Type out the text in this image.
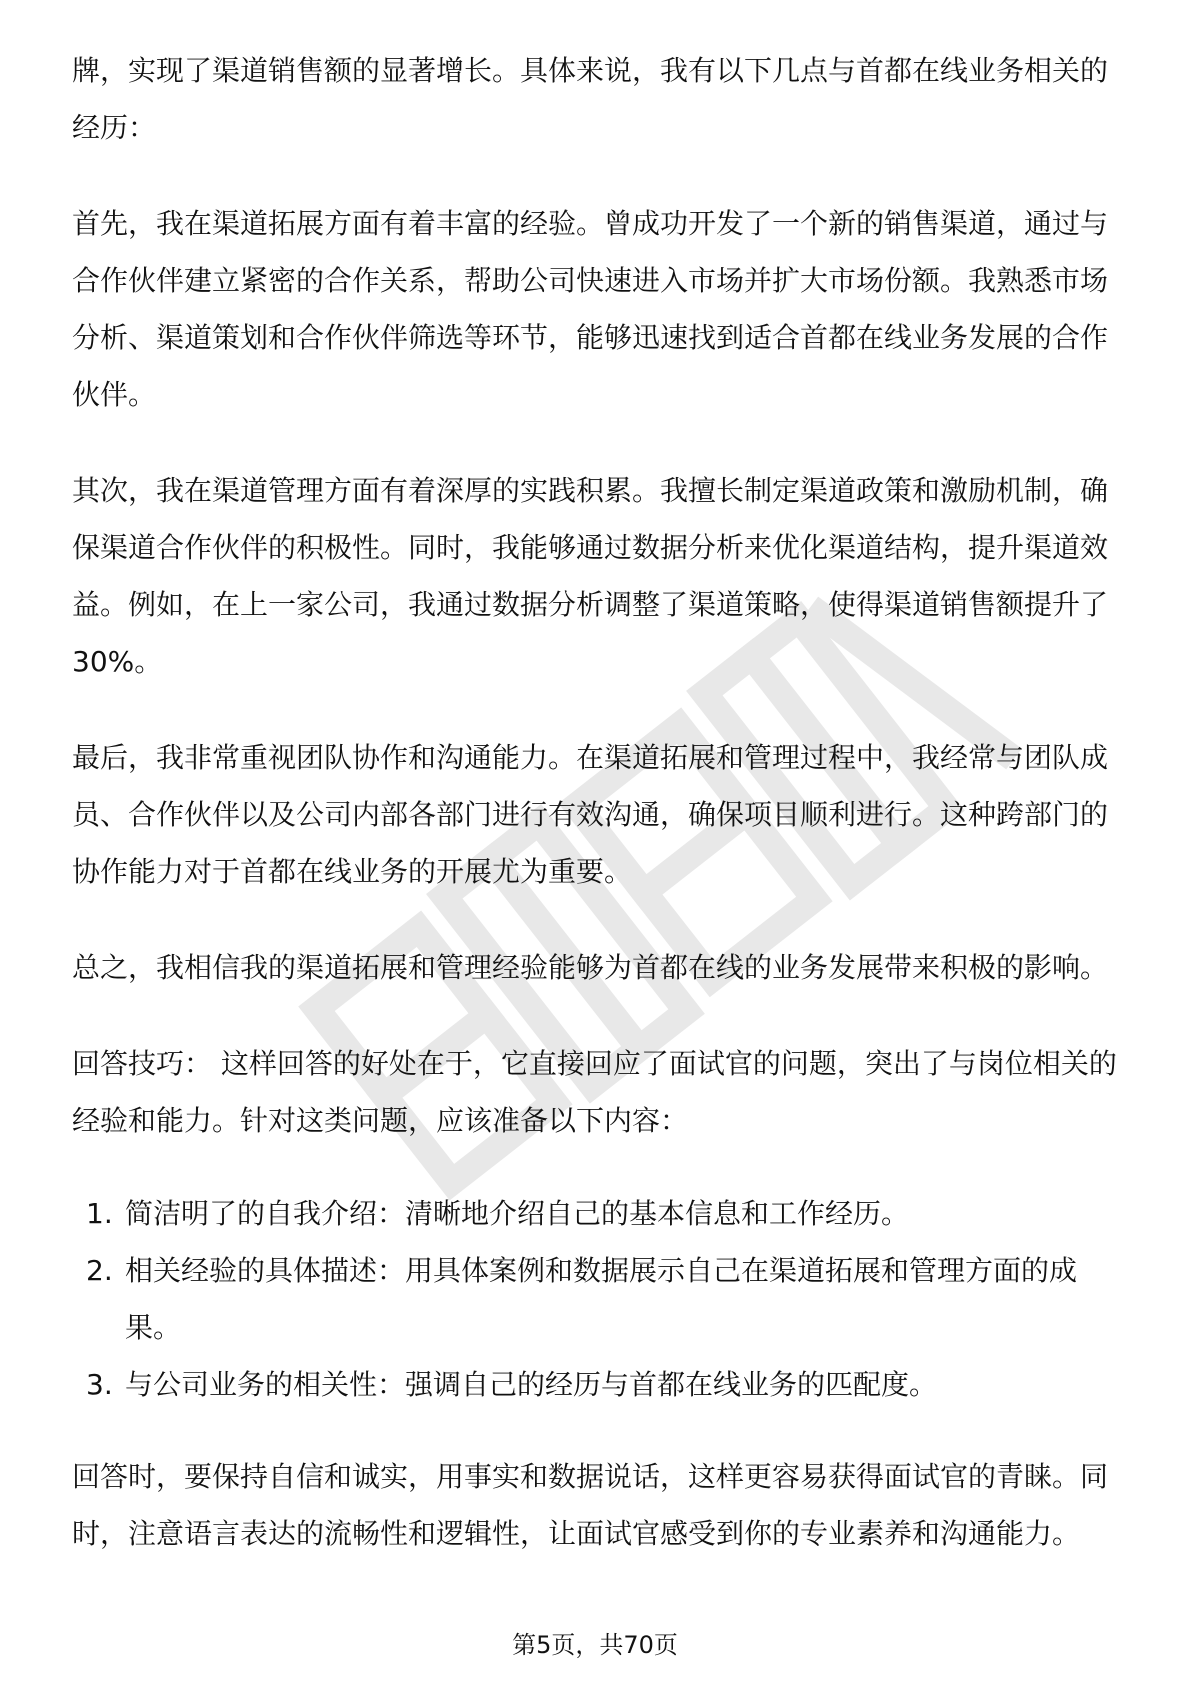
牌，实现了渠道销售额的显著增长。具体来说，我有以下几点与首都在线业务相关的经历：

首先，我在渠道拓展方面有着丰富的经验。曾成功开发了一个新的销售渠道，通过与合作伙伴建立紧密的合作关系，帮助公司快速进入市场并扩大市场份额。我熟悉市场分析、渠道策划和合作伙伴筛选等环节，能够迅速找到适合首都在线业务发展的合作伙伴。

其次，我在渠道管理方面有着深厚的实践积累。我擅长制定渠道政策和激励机制，确保渠道合作伙伴的积极性。同时，我能够通过数据分析来优化渠道结构，提升渠道效益。例如，在上一家公司，我通过数据分析调整了渠道策略，使得渠道销售额提升了30%。

最后，我非常重视团队协作和沟通能力。在渠道拓展和管理过程中，我经常与团队成员、合作伙伴以及公司内部各部门进行有效沟通，确保项目顺利进行。这种跨部门的协作能力对于首都在线业务的开展尤为重要。

总之，我相信我的渠道拓展和管理经验能够为首都在线的业务发展带来积极的影响。

回答技巧： 这样回答的好处在于，它直接回应了面试官的问题，突出了与岗位相关的经验和能力。针对这类问题，应该准备以下内容：

1. 简洁明了的自我介绍：清晰地介绍自己的基本信息和工作经历。
2. 相关经验的具体描述：用具体案例和数据展示自己在渠道拓展和管理方面的成果。
3. 与公司业务的相关性：强调自己的经历与首都在线业务的匹配度。

回答时，要保持自信和诚实，用事实和数据说话，这样更容易获得面试官的青睐。同时，注意语言表达的流畅性和逻辑性，让面试官感受到你的专业素养和沟通能力。

第5页，共70页
